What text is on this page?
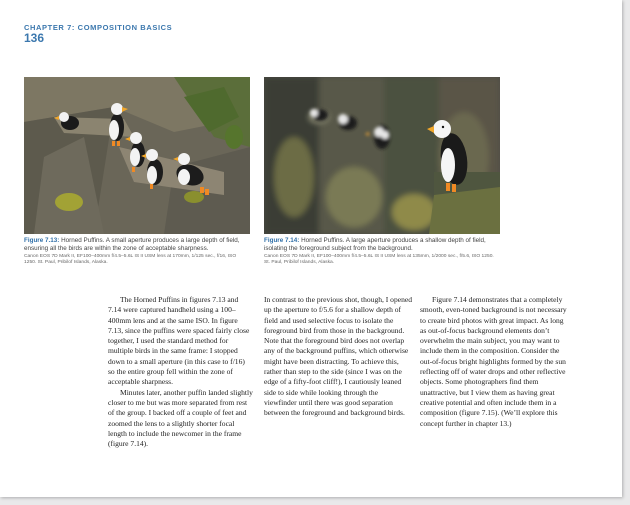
CHAPTER 7: COMPOSITION BASICS
136
Figure 7.13: Horned Puffins. A small aperture produces a large depth of field, ensuring all the birds are within the zone of acceptable sharpness.
Canon EOS 7D Mark II, EF100–400mm f/4.5–5.6L IS II USM lens at 170mm, 1/125 sec., f/16, ISO 1250. St. Paul, Pribilof Islands, Alaska.
Figure 7.14: Horned Puffins. A large aperture produces a shallow depth of field, isolating the foreground subject from the background.
Canon EOS 7D Mark II, EF100–400mm f/4.5–5.6L IS II USM lens at 135mm, 1/2000 sec., f/5.6, ISO 1250. St. Paul, Pribilof Islands, Alaska.

The Horned Puffins in figures 7.13 and 7.14 were captured handheld using a 100–400mm lens and at the same ISO. In figure 7.13, since the puffins were spaced fairly close together, I used the standard method for multiple birds in the same frame: I stopped down to a small aperture (in this case to f/16) so the entire group fell within the zone of acceptable sharpness.

Minutes later, another puffin landed slightly closer to me but was more separated from rest of the group. I backed off a couple of feet and zoomed the lens to a slightly shorter focal length to include the newcomer in the frame (figure 7.14).

In contrast to the previous shot, though, I opened up the aperture to f/5.6 for a shallow depth of field and used selective focus to isolate the foreground bird from those in the background. Note that the foreground bird does not overlap any of the background puffins, which otherwise might have been distracting. To achieve this, rather than step to the side (since I was on the edge of a fifty-foot cliff!), I cautiously leaned side to side while looking through the viewfinder until there was good separation between the foreground and background birds.

Figure 7.14 demonstrates that a completely smooth, even-toned background is not necessary to create bird photos with great impact. As long as out-of-focus background elements don’t overwhelm the main subject, you may want to include them in the composition. Consider the out-of-focus bright highlights formed by the sun reflecting off of water drops and other reflective objects. Some photographers find them unattractive, but I view them as having great creative potential and often include them in a composition (figure 7.15). (We’ll explore this concept further in chapter 13.)
